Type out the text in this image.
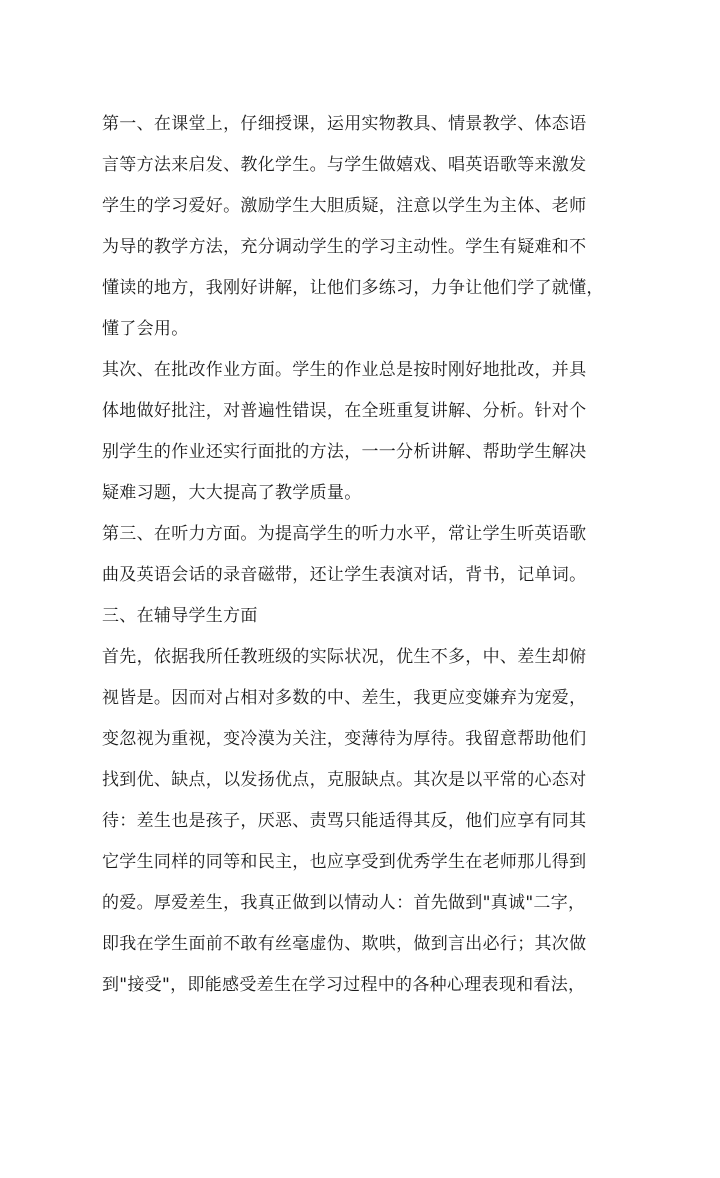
第一、在课堂上，仔细授课，运用实物教具、情景教学、体态语
言等方法来启发、教化学生。与学生做嬉戏、唱英语歌等来激发
学生的学习爱好。激励学生大胆质疑，注意以学生为主体、老师
为导的教学方法，充分调动学生的学习主动性。学生有疑难和不
懂读的地方，我刚好讲解，让他们多练习，力争让他们学了就懂，
懂了会用。
其次、在批改作业方面。学生的作业总是按时刚好地批改，并具
体地做好批注，对普遍性错误，在全班重复讲解、分析。针对个
别学生的作业还实行面批的方法，一一分析讲解、帮助学生解决
疑难习题，大大提高了教学质量。
第三、在听力方面。为提高学生的听力水平，常让学生听英语歌
曲及英语会话的录音磁带，还让学生表演对话，背书，记单词。
三、在辅导学生方面
首先，依据我所任教班级的实际状况，优生不多，中、差生却俯
视皆是。因而对占相对多数的中、差生，我更应变嫌弃为宠爱，
变忽视为重视，变冷漠为关注，变薄待为厚待。我留意帮助他们
找到优、缺点，以发扬优点，克服缺点。其次是以平常的心态对
待：差生也是孩子，厌恶、责骂只能适得其反，他们应享有同其
它学生同样的同等和民主，也应享受到优秀学生在老师那儿得到
的爱。厚爱差生，我真正做到以情动人：首先做到"真诚"二字，
即我在学生面前不敢有丝毫虚伪、欺哄，做到言出必行；其次做
到"接受"，即能感受差生在学习过程中的各种心理表现和看法，
